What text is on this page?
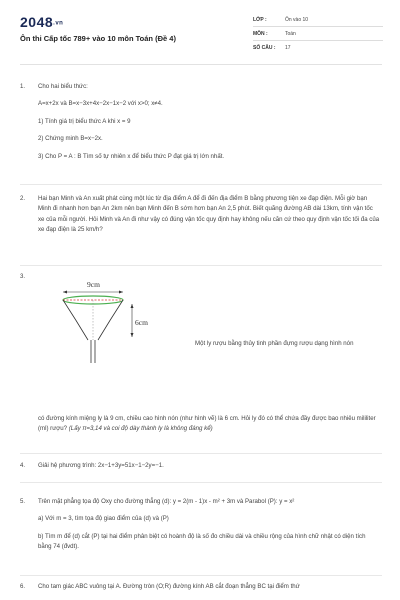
2048.vn
Ôn thi Cấp tốc 789+ vào 10 môn Toán (Đề 4)
LỚP :	Ôn vào 10
MÔN :	Toán
SỐ CÂU : 17
1. Cho hai biểu thức:

A=x+2x và B=x−3x+4x−2x−1x−2 với x>0; x≠4.

1) Tính giá trị biểu thức A khi x = 9

2) Chứng minh B=x−2x.

3) Cho P = A : B Tìm số tự nhiên x để biểu thức P đạt giá trị lớn nhất.

2. Hai bạn Minh và An xuất phát cùng một lúc từ địa điểm A để đi đến địa điểm B bằng phương tiện xe đạp điện. Mỗi giờ bạn Minh đi nhanh hơn bạn An 2km nên bạn Minh đến B sớm hơn bạn An 2,5 phút. Biết quãng đường AB dài 13km, tính vận tốc xe của mỗi người. Hỏi Minh và An đi như vậy có đúng vận tốc quy định hay không nếu căn cứ theo quy định vận tốc tối đa của xe đạp điện là 25 km/h?

3.
9cm
6cm
Một ly rượu bằng thủy tinh phần đựng rượu dạng hình nón

có đường kính miệng ly là 9 cm, chiều cao hình nón (như hình vẽ) là 6 cm. Hỏi ly đó có thể chứa đầy được bao nhiêu mililiter (ml) rượu? (Lấy π=3,14 và coi độ dày thành ly là không đáng kể)

4. Giải hệ phương trình: 2x−1+3y=51x−1−2y=−1.

5. Trên mặt phẳng tọa độ Oxy cho đường thẳng (d): y = 2(m - 1)x - m² + 3m và Parabol (P): y = x²

a) Với m = 3, tìm tọa độ giao điểm của (d) và (P)

b) Tìm m để (d) cắt (P) tại hai điểm phân biệt có hoành độ là số đo chiều dài và chiều rộng của hình chữ nhật có diện tích bằng 74 (đvdt).

6. Cho tam giác ABC vuông tại A. Đường tròn (O;R) đường kính AB cắt đoạn thẳng BC tại điểm thứ
